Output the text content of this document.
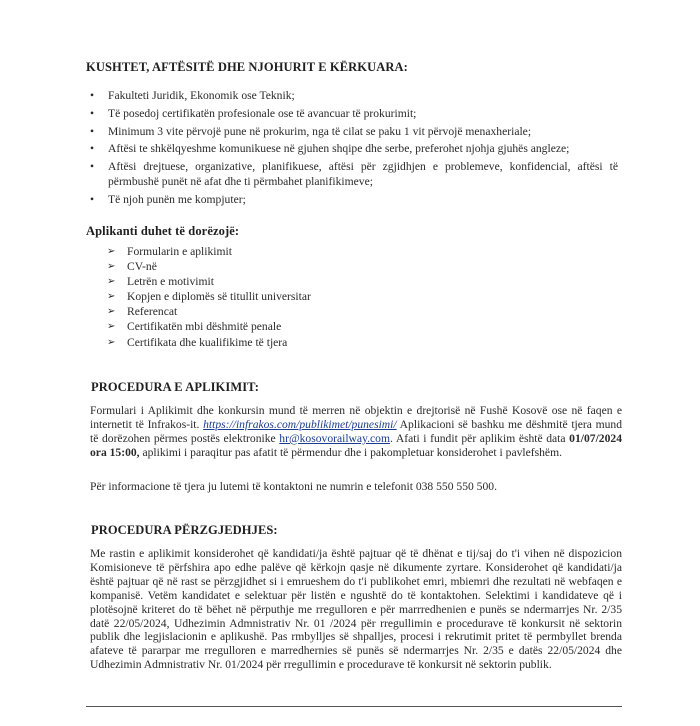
KUSHTET, AFTËSITË DHE NJOHURIT E KËRKUARA:
• Fakulteti Juridik, Ekonomik ose Teknik;
• Të posedoj certifikatën profesionale ose të avancuar të prokurimit;
• Minimum 3 vite përvojë pune në prokurim, nga të cilat se paku 1 vit përvojë menaxheriale;
• Aftësi te shkëlqyeshme komunikuese në gjuhen shqipe dhe serbe, preferohet njohja gjuhës angleze;
• Aftësi drejtuese, organizative, planifikuese, aftësi për zgjidhjen e problemeve, konfidencial, aftësi të përmbushë punët në afat dhe ti përmbahet planifikimeve;
• Të njoh punën me kompjuter;
Aplikanti duhet të dorëzojë:
➢ Formularin e aplikimit
➢ CV-në
➢ Letrën e motivimit
➢ Kopjen e diplomës së titullit universitar
➢ Referencat
➢ Certifikatën mbi dëshmitë penale
➢ Certifikata dhe kualifikime të tjera
PROCEDURA E APLIKIMIT:
Formulari i Aplikimit dhe konkursin mund të merren në objektin e drejtorisë në Fushë Kosovë ose në faqen e internetit të Infrakos-it. https://infrakos.com/publikimet/punesimi/ Aplikacioni së bashku me dëshmitë tjera mund të dorëzohen përmes postës elektronike hr@kosovorailway.com. Afati i fundit për aplikim është data 01/07/2024 ora 15:00, aplikimi i paraqitur pas afatit të përmendur dhe i pakompletuar konsiderohet i pavlefshëm.
Për informacione të tjera ju lutemi të kontaktoni ne numrin e telefonit 038 550 550 500.
PROCEDURA PËRZGJEDHJES:
Me rastin e aplikimit konsiderohet që kandidati/ja është pajtuar që të dhënat e tij/saj do t'i vihen në dispozicion Komisioneve të përfshira apo edhe palëve që kërkojn qasje në dikumente zyrtare. Konsiderohet që kandidati/ja është pajtuar që në rast se përzgjidhet si i emrueshem do t'i publikohet emri, mbiemri dhe rezultati në webfaqen e kompanisë. Vetëm kandidatet e selektuar për listën e ngushtë do të kontaktohen. Selektimi i kandidateve që i plotësojnë kriteret do të bëhet në përputhje me rregulloren e për marrredhenien e punës se ndermarrjes Nr. 2/35 datë 22/05/2024, Udhezimin Admnistrativ Nr. 01 /2024 për rregullimin e procedurave të konkursit në sektorin publik dhe legjislacionin e aplikushë. Pas rmbylljes së shpalljes, procesi i rekrutimit pritet të permbyllet brenda afateve të pararpar me rregulloren e marredhernies së punës së ndermarrjes Nr. 2/35 e datës 22/05/2024 dhe Udhezimin Admnistrativ Nr. 01/2024 për rregullimin e procedurave të konkursit në sektorin publik.
